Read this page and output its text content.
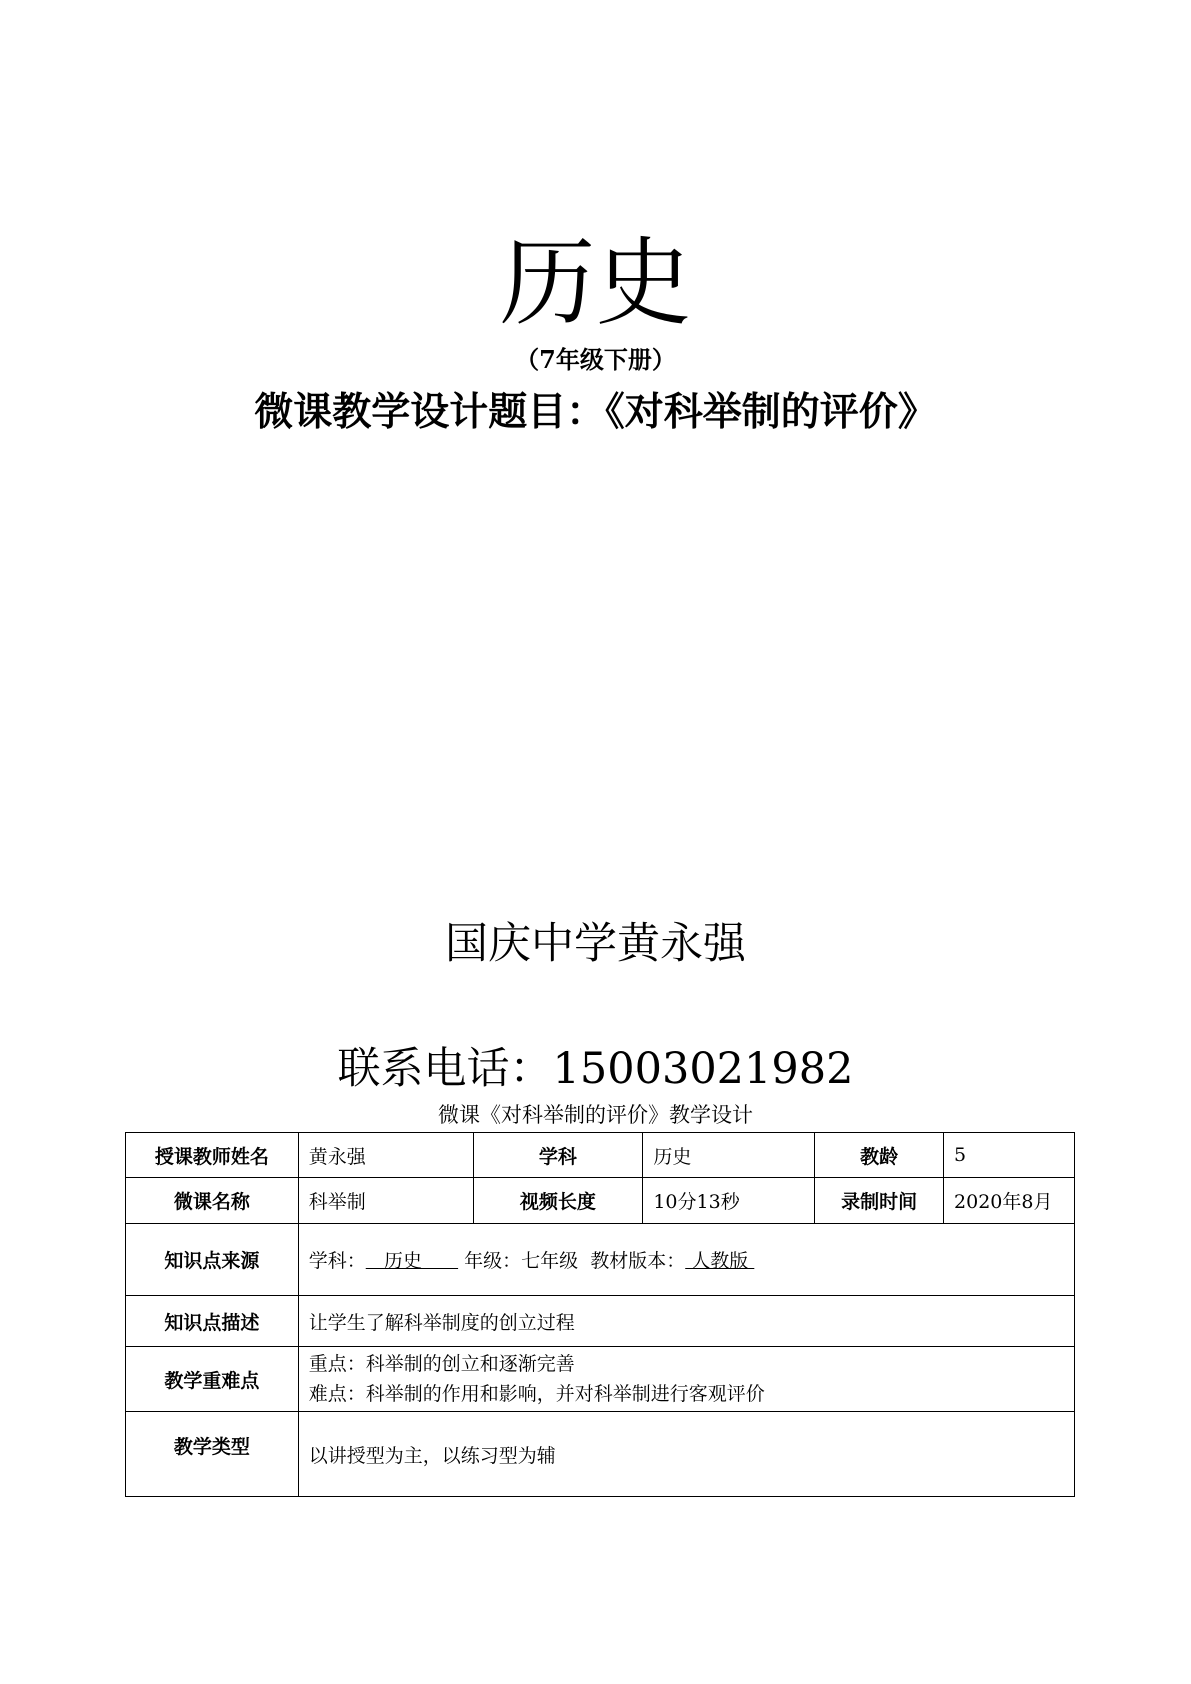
历史
（7年级下册）
微课教学设计题目：《对科举制的评价》
国庆中学黄永强
联系电话：15003021982
微课《对科举制的评价》教学设计
授课教师姓名	黄永强	学科	历史	教龄	5
微课名称	科举制	视频长度	10分13秒	录制时间	2020年8月
知识点来源	学科：   历史       年级：七年级  教材版本： 人教版				
知识点描述	让学生了解科举制度的创立过程				
教学重难点	重点：科举制的创立和逐渐完善
难点：科举制的作用和影响，并对科举制进行客观评价				

教学类型	以讲授型为主，以练习型为辅				
